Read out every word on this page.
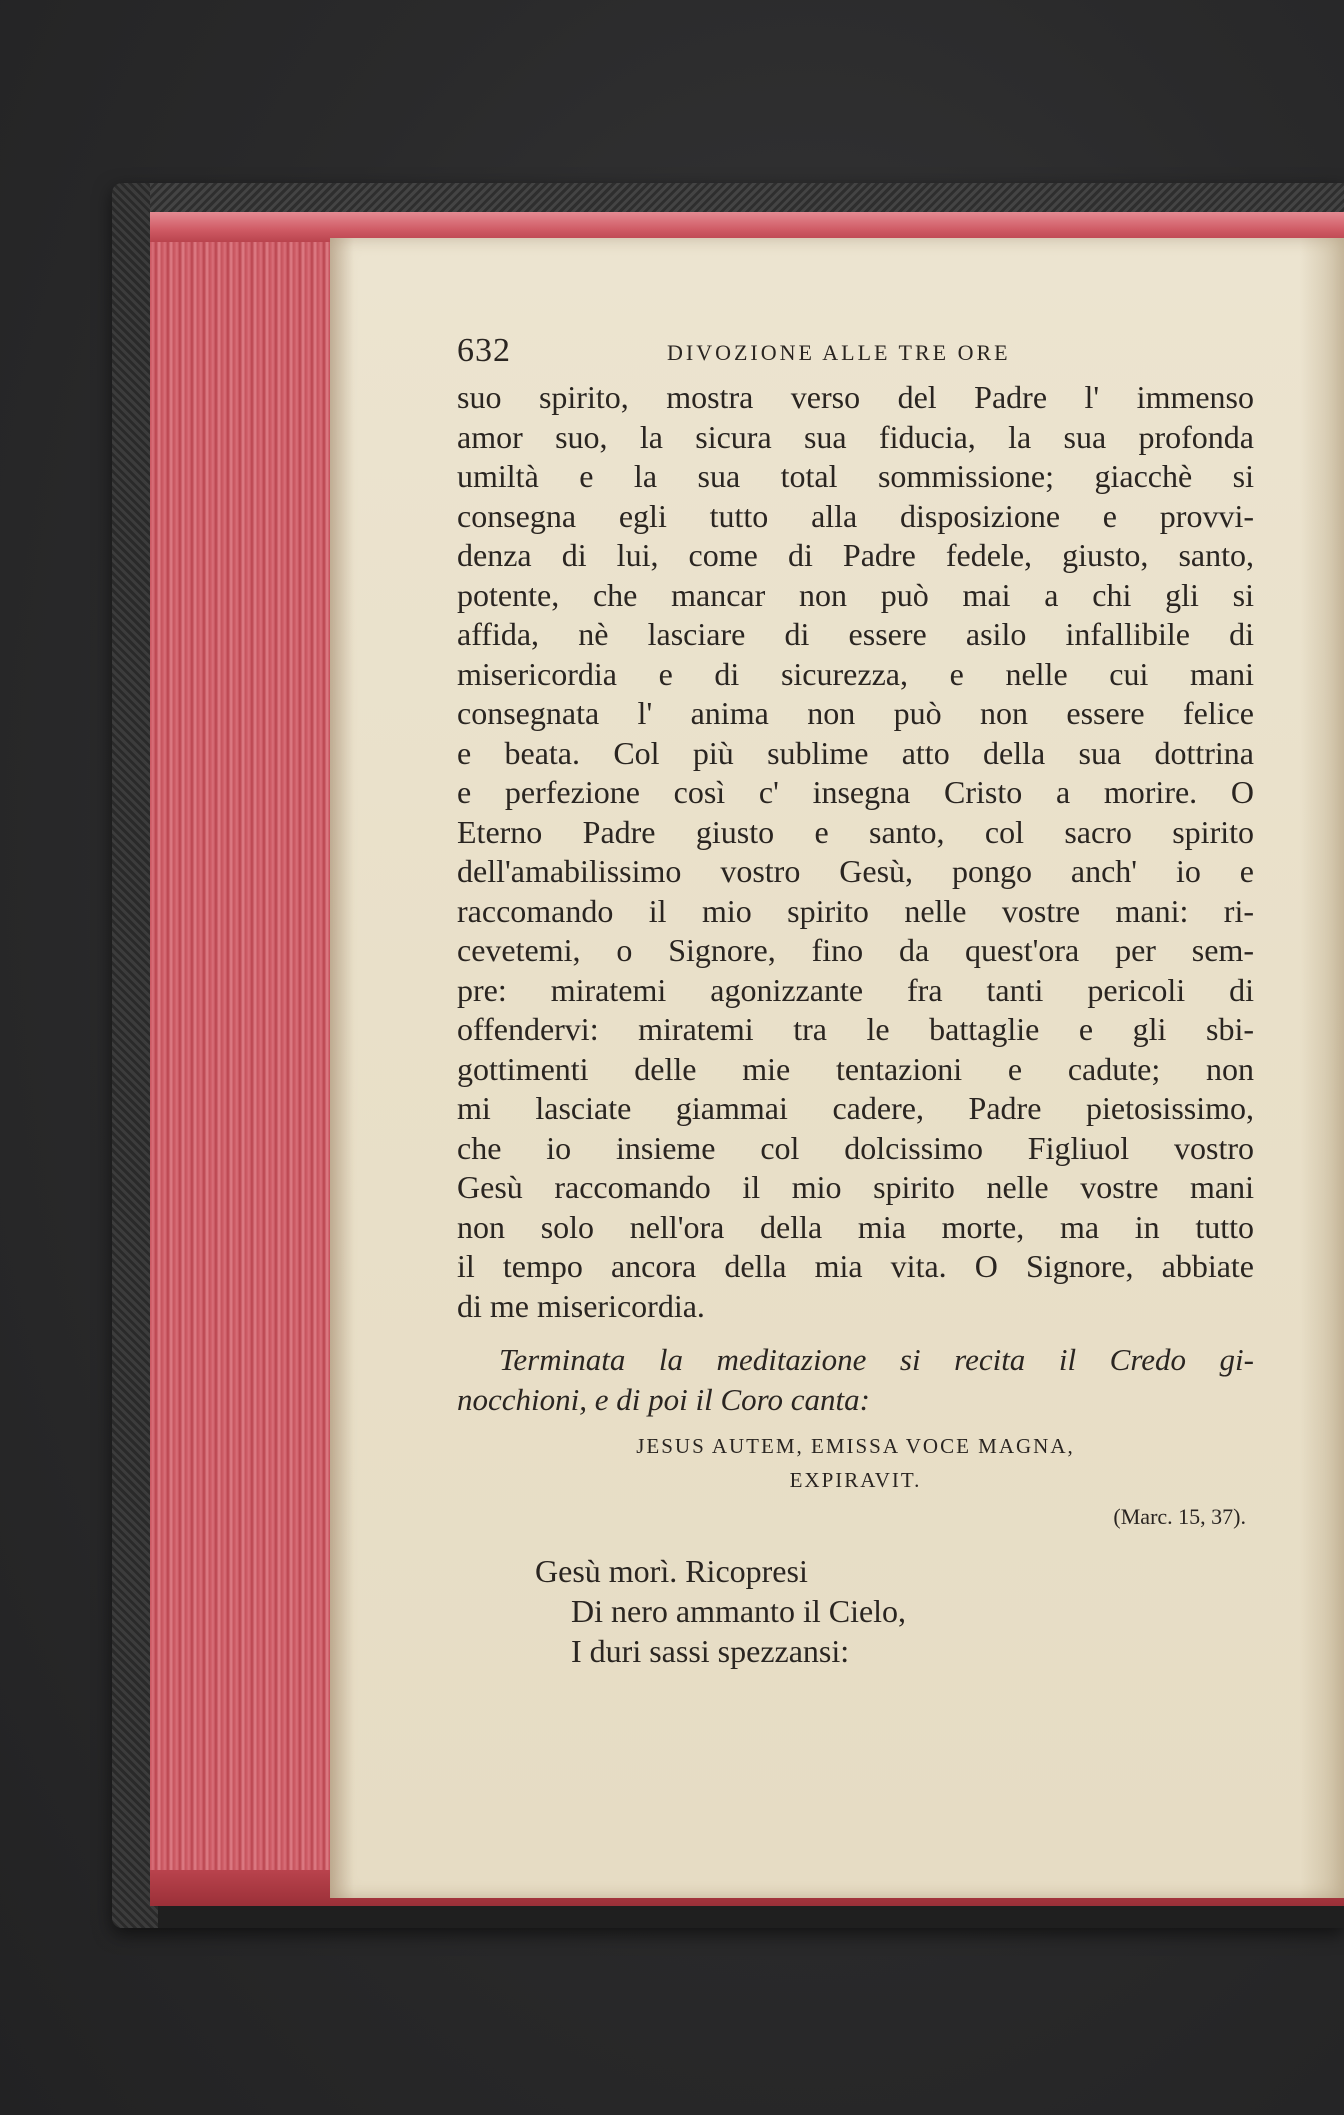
632	DIVOZIONE ALLE TRE ORE
suo spirito, mostra verso del Padre l' immenso
amor suo, la sicura sua fiducia, la sua profonda
umiltà e la sua total sommissione; giacchè si
consegna egli tutto alla disposizione e provvi-
denza di lui, come di Padre fedele, giusto, santo,
potente, che mancar non può mai a chi gli si
affida, nè lasciare di essere asilo infallibile di
misericordia e di sicurezza, e nelle cui mani
consegnata l' anima non può non essere felice
e beata. Col più sublime atto della sua dottrina
e perfezione così c' insegna Cristo a morire. O
Eterno Padre giusto e santo, col sacro spirito
dell'amabilissimo vostro Gesù, pongo anch' io e
raccomando il mio spirito nelle vostre mani: ri-
cevetemi, o Signore, fino da quest'ora per sem-
pre: miratemi agonizzante fra tanti pericoli di
offendervi: miratemi tra le battaglie e gli sbi-
gottimenti delle mie tentazioni e cadute; non
mi lasciate giammai cadere, Padre pietosissimo,
che io insieme col dolcissimo Figliuol vostro
Gesù raccomando il mio spirito nelle vostre mani
non solo nell'ora della mia morte, ma in tutto
il tempo ancora della mia vita. O Signore, abbiate
di me misericordia.
Terminata la meditazione si recita il Credo gi-
nocchioni, e di poi il Coro canta:
JESUS AUTEM, EMISSA VOCE MAGNA,
EXPIRAVIT.
(Marc. 15, 37).
Gesù morì. Ricopresi
Di nero ammanto il Cielo,
I duri sassi spezzansi:
